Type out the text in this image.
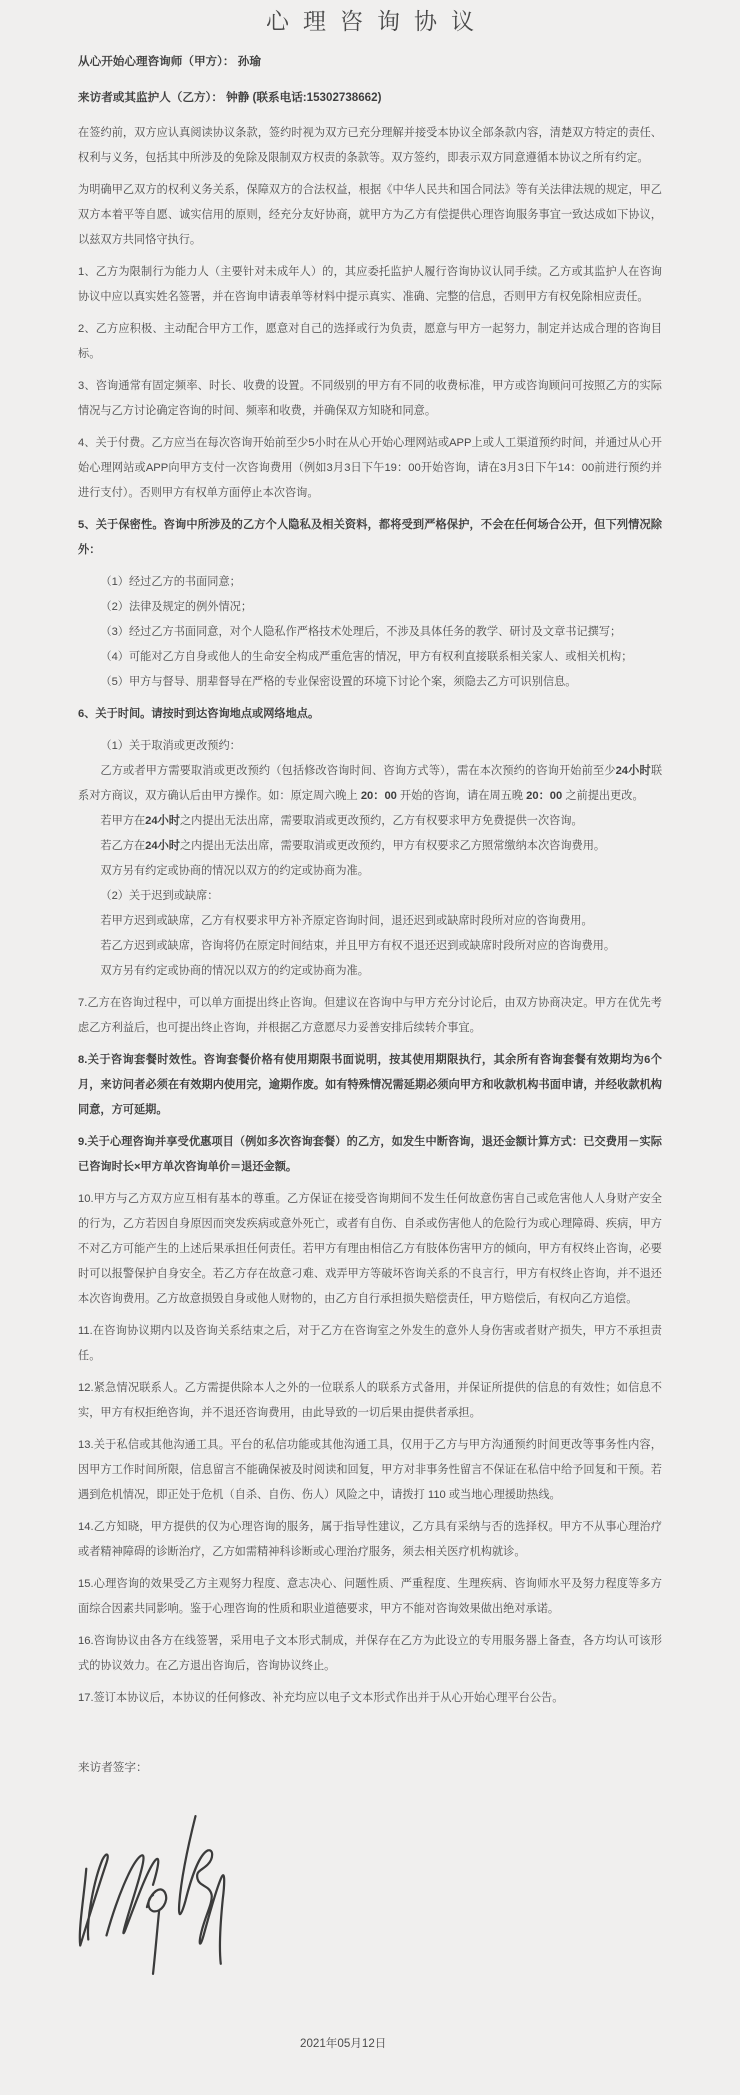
心理咨询协议

从心开始心理咨询师（甲方）： 孙瑜

来访者或其监护人（乙方）： 钟静 (联系电话:15302738662)

在签约前，双方应认真阅读协议条款，签约时视为双方已充分理解并接受本协议全部条款内容，清楚双方特定的责任、权利与义务，包括其中所涉及的免除及限制双方权责的条款等。双方签约，即表示双方同意遵循本协议之所有约定。

为明确甲乙双方的权利义务关系，保障双方的合法权益，根据《中华人民共和国合同法》等有关法律法规的规定，甲乙双方本着平等自愿、诚实信用的原则，经充分友好协商，就甲方为乙方有偿提供心理咨询服务事宜一致达成如下协议，以兹双方共同恪守执行。

1、乙方为限制行为能力人（主要针对未成年人）的，其应委托监护人履行咨询协议认同手续。乙方或其监护人在咨询协议中应以真实姓名签署，并在咨询申请表单等材料中提示真实、准确、完整的信息，否则甲方有权免除相应责任。

2、乙方应积极、主动配合甲方工作，愿意对自己的选择或行为负责，愿意与甲方一起努力，制定并达成合理的咨询目标。

3、咨询通常有固定频率、时长、收费的设置。不同级别的甲方有不同的收费标准，甲方或咨询顾问可按照乙方的实际情况与乙方讨论确定咨询的时间、频率和收费，并确保双方知晓和同意。

4、关于付费。乙方应当在每次咨询开始前至少5小时在从心开始心理网站或APP上或人工渠道预约时间，并通过从心开始心理网站或APP向甲方支付一次咨询费用（例如3月3日下午19：00开始咨询，请在3月3日下午14：00前进行预约并进行支付）。否则甲方有权单方面停止本次咨询。

5、关于保密性。咨询中所涉及的乙方个人隐私及相关资料，都将受到严格保护，不会在任何场合公开，但下列情况除外：

（1）经过乙方的书面同意；

（2）法律及规定的例外情况；

（3）经过乙方书面同意，对个人隐私作严格技术处理后，不涉及具体任务的教学、研讨及文章书记撰写；

（4）可能对乙方自身或他人的生命安全构成严重危害的情况，甲方有权利直接联系相关家人、或相关机构；

（5）甲方与督导、朋辈督导在严格的专业保密设置的环境下讨论个案，须隐去乙方可识别信息。

6、关于时间。请按时到达咨询地点或网络地点。

（1）关于取消或更改预约：

乙方或者甲方需要取消或更改预约（包括修改咨询时间、咨询方式等），需在本次预约的咨询开始前至少24小时联系对方商议，双方确认后由甲方操作。如：原定周六晚上 20：00 开始的咨询，请在周五晚 20：00 之前提出更改。

若甲方在24小时之内提出无法出席，需要取消或更改预约，乙方有权要求甲方免费提供一次咨询。

若乙方在24小时之内提出无法出席，需要取消或更改预约，甲方有权要求乙方照常缴纳本次咨询费用。

双方另有约定或协商的情况以双方的约定或协商为准。

（2）关于迟到或缺席：

若甲方迟到或缺席，乙方有权要求甲方补齐原定咨询时间，退还迟到或缺席时段所对应的咨询费用。

若乙方迟到或缺席，咨询将仍在原定时间结束，并且甲方有权不退还迟到或缺席时段所对应的咨询费用。

双方另有约定或协商的情况以双方的约定或协商为准。

7.乙方在咨询过程中，可以单方面提出终止咨询。但建议在咨询中与甲方充分讨论后，由双方协商决定。甲方在优先考虑乙方利益后，也可提出终止咨询，并根据乙方意愿尽力妥善安排后续转介事宜。

8.关于咨询套餐时效性。咨询套餐价格有使用期限书面说明，按其使用期限执行，其余所有咨询套餐有效期均为6个月，来访问者必须在有效期内使用完，逾期作废。如有特殊情况需延期必须向甲方和收款机构书面申请，并经收款机构同意，方可延期。

9.关于心理咨询并享受优惠项目（例如多次咨询套餐）的乙方，如发生中断咨询，退还金额计算方式：已交费用－实际已咨询时长×甲方单次咨询单价＝退还金额。

10.甲方与乙方双方应互相有基本的尊重。乙方保证在接受咨询期间不发生任何故意伤害自己或危害他人人身财产安全的行为，乙方若因自身原因而突发疾病或意外死亡，或者有自伤、自杀或伤害他人的危险行为或心理障碍、疾病，甲方不对乙方可能产生的上述后果承担任何责任。若甲方有理由相信乙方有肢体伤害甲方的倾向，甲方有权终止咨询，必要时可以报警保护自身安全。若乙方存在故意刁难、戏弄甲方等破坏咨询关系的不良言行，甲方有权终止咨询，并不退还本次咨询费用。乙方故意损毁自身或他人财物的，由乙方自行承担损失赔偿责任，甲方赔偿后，有权向乙方追偿。

11.在咨询协议期内以及咨询关系结束之后，对于乙方在咨询室之外发生的意外人身伤害或者财产损失，甲方不承担责任。

12.紧急情况联系人。乙方需提供除本人之外的一位联系人的联系方式备用，并保证所提供的信息的有效性；如信息不实，甲方有权拒绝咨询，并不退还咨询费用，由此导致的一切后果由提供者承担。

13.关于私信或其他沟通工具。平台的私信功能或其他沟通工具，仅用于乙方与甲方沟通预约时间更改等事务性内容，因甲方工作时间所限，信息留言不能确保被及时阅读和回复，甲方对非事务性留言不保证在私信中给予回复和干预。若遇到危机情况，即正处于危机（自杀、自伤、伤人）风险之中，请拨打 110 或当地心理援助热线。

14.乙方知晓，甲方提供的仅为心理咨询的服务，属于指导性建议，乙方具有采纳与否的选择权。甲方不从事心理治疗或者精神障碍的诊断治疗，乙方如需精神科诊断或心理治疗服务，须去相关医疗机构就诊。

15.心理咨询的效果受乙方主观努力程度、意志决心、问题性质、严重程度、生理疾病、咨询师水平及努力程度等多方面综合因素共同影响。鉴于心理咨询的性质和职业道德要求，甲方不能对咨询效果做出绝对承诺。

16.咨询协议由各方在线签署，采用电子文本形式制成，并保存在乙方为此设立的专用服务器上备查，各方均认可该形式的协议效力。在乙方退出咨询后，咨询协议终止。

17.签订本协议后，本协议的任何修改、补充均应以电子文本形式作出并于从心开始心理平台公告。

来访者签字：

2021年05月12日
